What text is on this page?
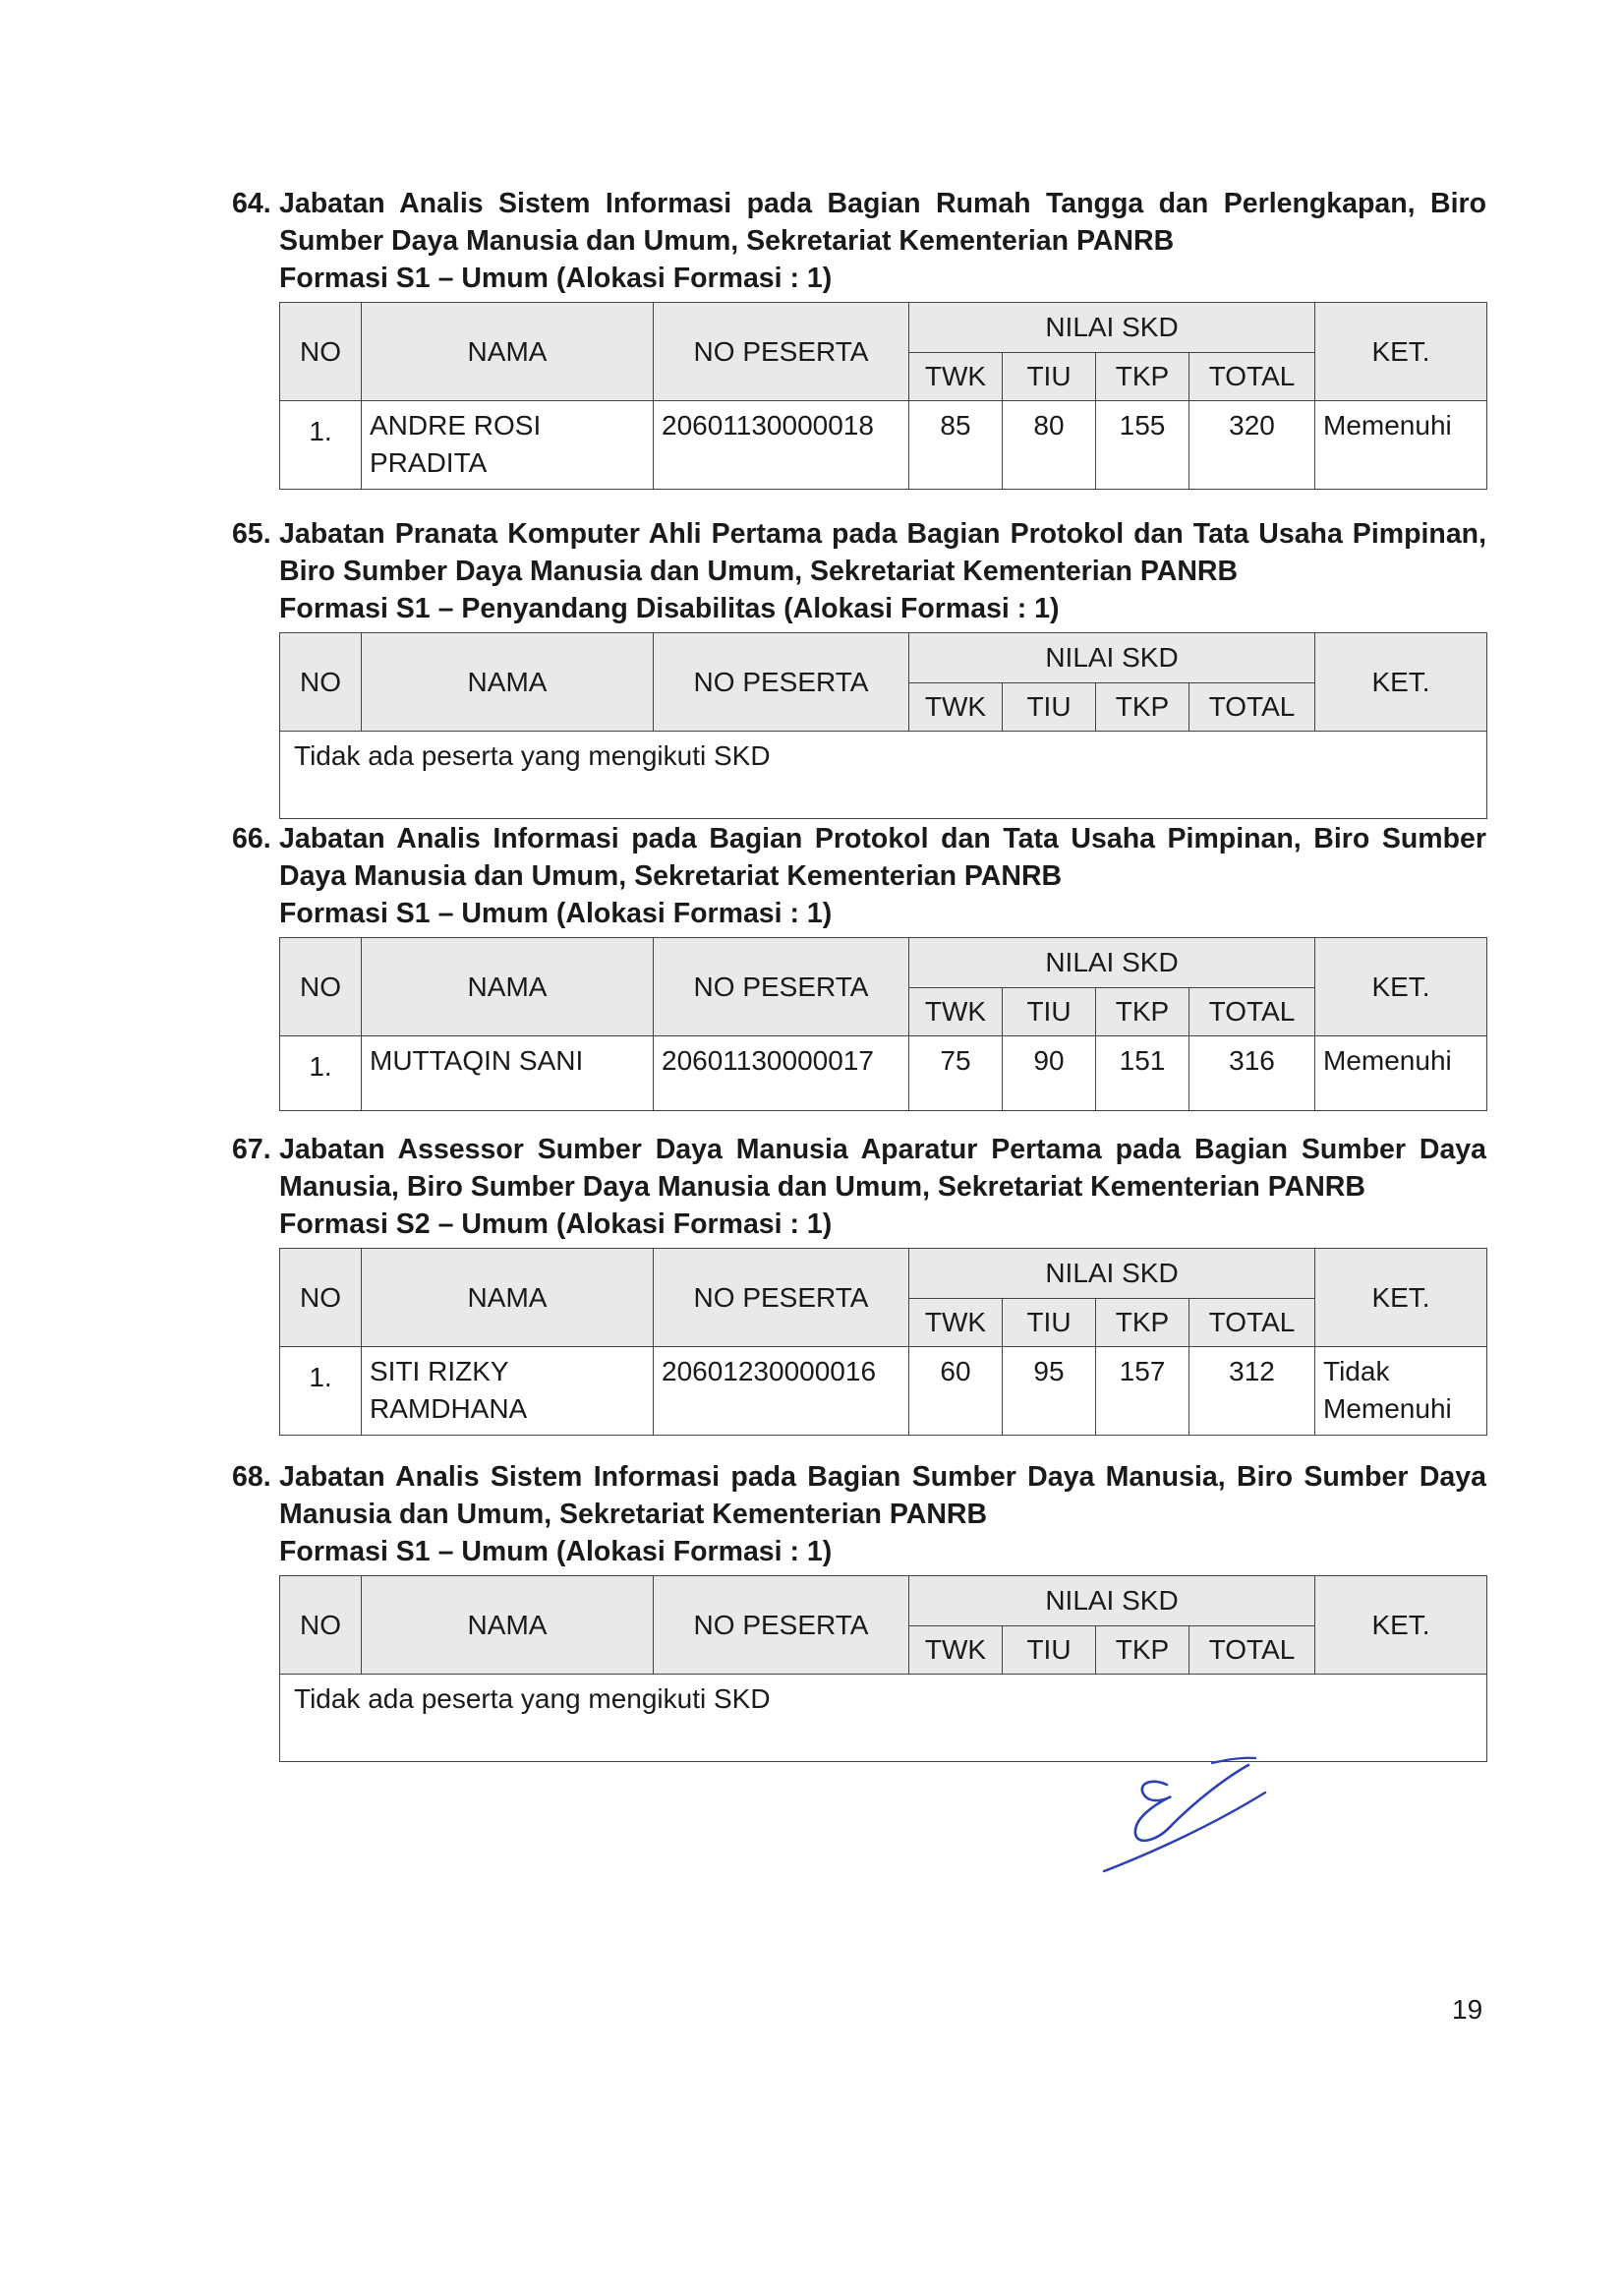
64. Jabatan Analis Sistem Informasi pada Bagian Rumah Tangga dan Perlengkapan, Biro Sumber Daya Manusia dan Umum, Sekretariat Kementerian PANRB
Formasi S1 – Umum (Alokasi Formasi : 1)
NO	NAMA	NO PESERTA	NILAI SKD				KET.
			TWK	TIU	TKP	TOTAL	
1.	ANDRE ROSI PRADITA	20601130000018	85	80	155	320	Memenuhi
65. Jabatan Pranata Komputer Ahli Pertama pada Bagian Protokol dan Tata Usaha Pimpinan, Biro Sumber Daya Manusia dan Umum, Sekretariat Kementerian PANRB
Formasi S1 – Penyandang Disabilitas (Alokasi Formasi : 1)
NO	NAMA	NO PESERTA	NILAI SKD				KET.
			TWK	TIU	TKP	TOTAL	
Tidak ada peserta yang mengikuti SKD							
66. Jabatan Analis Informasi pada Bagian Protokol dan Tata Usaha Pimpinan, Biro Sumber Daya Manusia dan Umum, Sekretariat Kementerian PANRB
Formasi S1 – Umum (Alokasi Formasi : 1)
NO	NAMA	NO PESERTA	NILAI SKD				KET.
			TWK	TIU	TKP	TOTAL	
1.	MUTTAQIN SANI	20601130000017	75	90	151	316	Memenuhi
67. Jabatan Assessor Sumber Daya Manusia Aparatur Pertama pada Bagian Sumber Daya Manusia, Biro Sumber Daya Manusia dan Umum, Sekretariat Kementerian PANRB
Formasi S2 – Umum (Alokasi Formasi : 1)
NO	NAMA	NO PESERTA	NILAI SKD				KET.
			TWK	TIU	TKP	TOTAL	
1.	SITI RIZKY RAMDHANA	20601230000016	60	95	157	312	Tidak Memenuhi
68. Jabatan Analis Sistem Informasi pada Bagian Sumber Daya Manusia, Biro Sumber Daya Manusia dan Umum, Sekretariat Kementerian PANRB
Formasi S1 – Umum (Alokasi Formasi : 1)
NO	NAMA	NO PESERTA	NILAI SKD				KET.
			TWK	TIU	TKP	TOTAL	
Tidak ada peserta yang mengikuti SKD							
19
